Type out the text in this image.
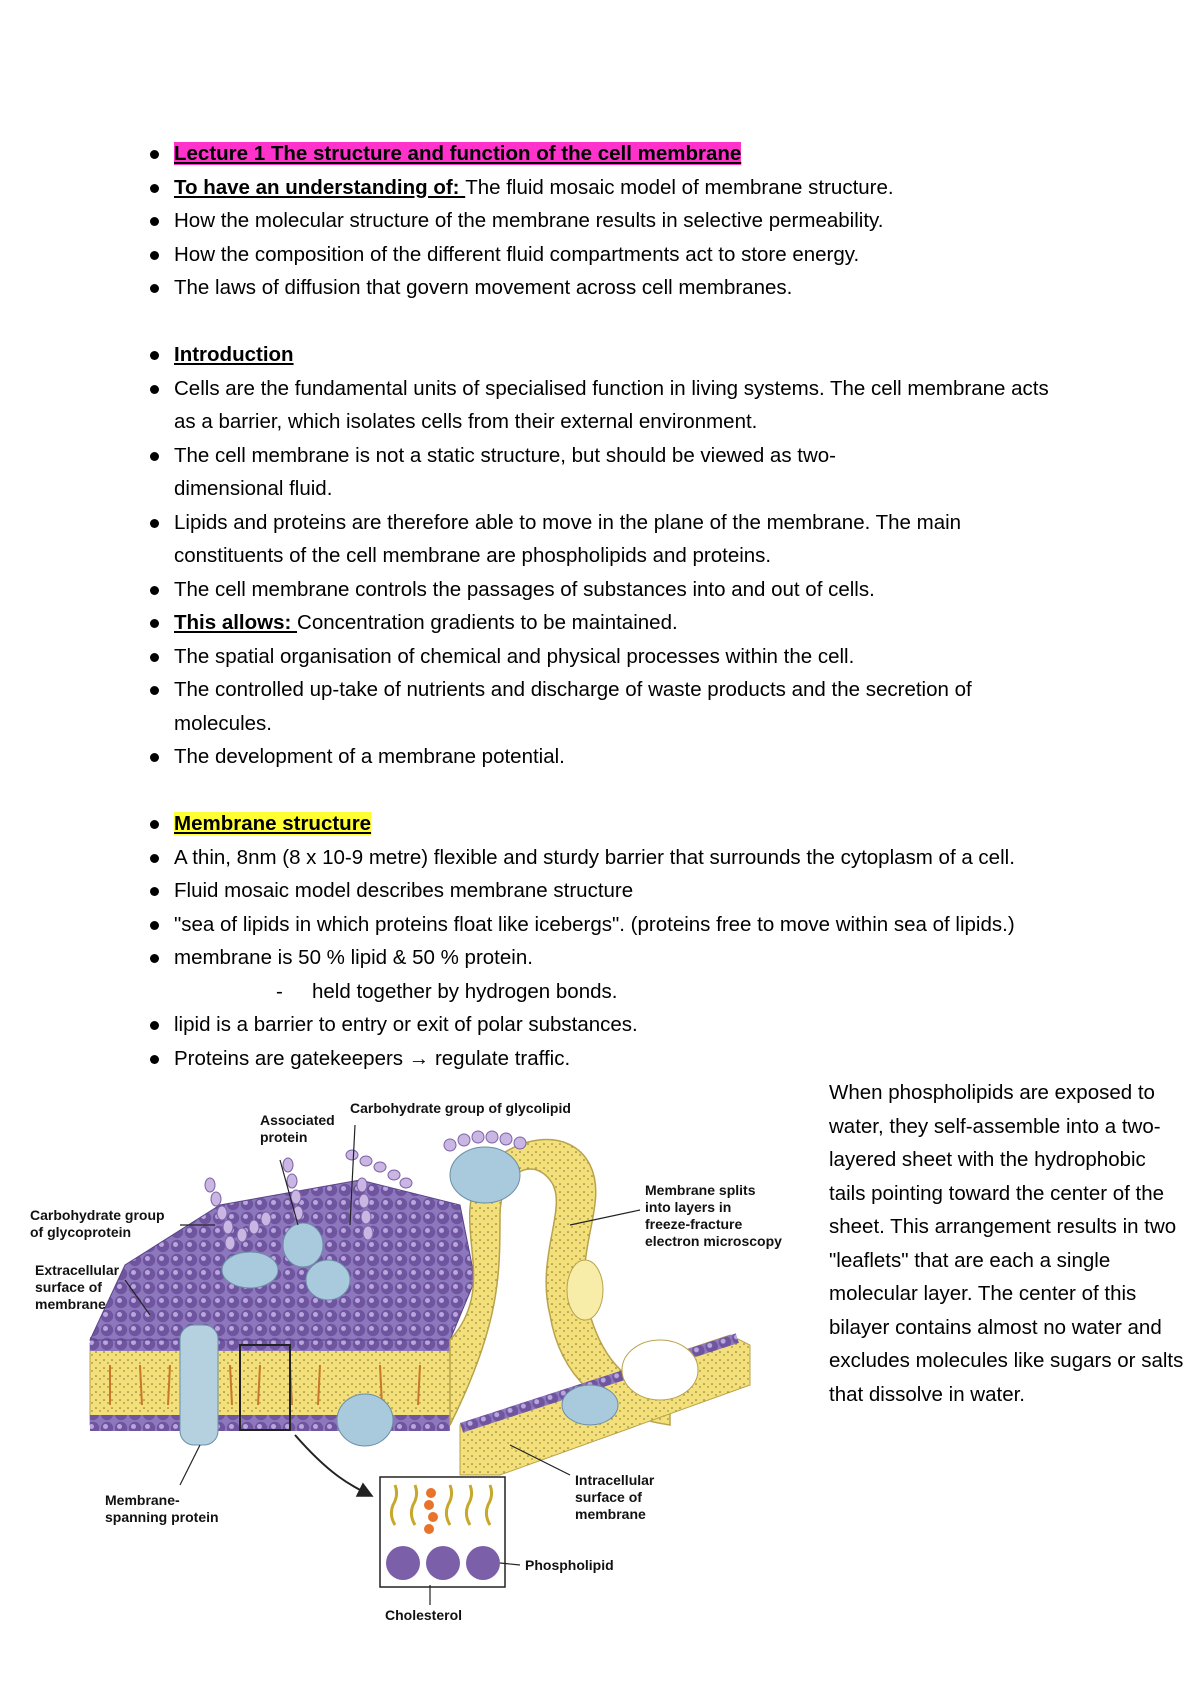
Lecture 1 The structure and function of the cell membrane
To have an understanding of: The fluid mosaic model of membrane structure.
How the molecular structure of the membrane results in selective permeability.
How the composition of the different fluid compartments act to store energy.
The laws of diffusion that govern movement across cell membranes.
Introduction
Cells are the fundamental units of specialised function in living systems. The cell membrane acts as a barrier, which isolates cells from their external environment.
The cell membrane is not a static structure, but should be viewed as two-dimensional fluid.
Lipids and proteins are therefore able to move in the plane of the membrane. The main constituents of the cell membrane are phospholipids and proteins.
The cell membrane controls the passages of substances into and out of cells.
This allows: Concentration gradients to be maintained.
The spatial organisation of chemical and physical processes within the cell.
The controlled up-take of nutrients and discharge of waste products and the secretion of molecules.
The development of a membrane potential.
Membrane structure
A thin, 8nm (8 x 10-9 metre) flexible and sturdy barrier that surrounds the cytoplasm of a cell.
Fluid mosaic model describes membrane structure
"sea of lipids in which proteins float like icebergs". (proteins free to move within sea of lipids.)
membrane is 50 % lipid & 50 % protein.
- held together by hydrogen bonds.
lipid is a barrier to entry or exit of polar substances.
Proteins are gatekeepers → regulate traffic.
When phospholipids are exposed to water, they self-assemble into a two-layered sheet with the hydrophobic tails pointing toward the center of the sheet. This arrangement results in two "leaflets" that are each a single molecular layer. The center of this bilayer contains almost no water and excludes molecules like sugars or salts that dissolve in water.
Associated
protein
Carbohydrate group of glycolipid
Carbohydrate group
of glycoprotein
Extracellular
surface of
membrane
Membrane splits
into layers in
freeze-fracture
electron microscopy
Intracellular
surface of
membrane
Membrane-
spanning protein
Phospholipid
Cholesterol
